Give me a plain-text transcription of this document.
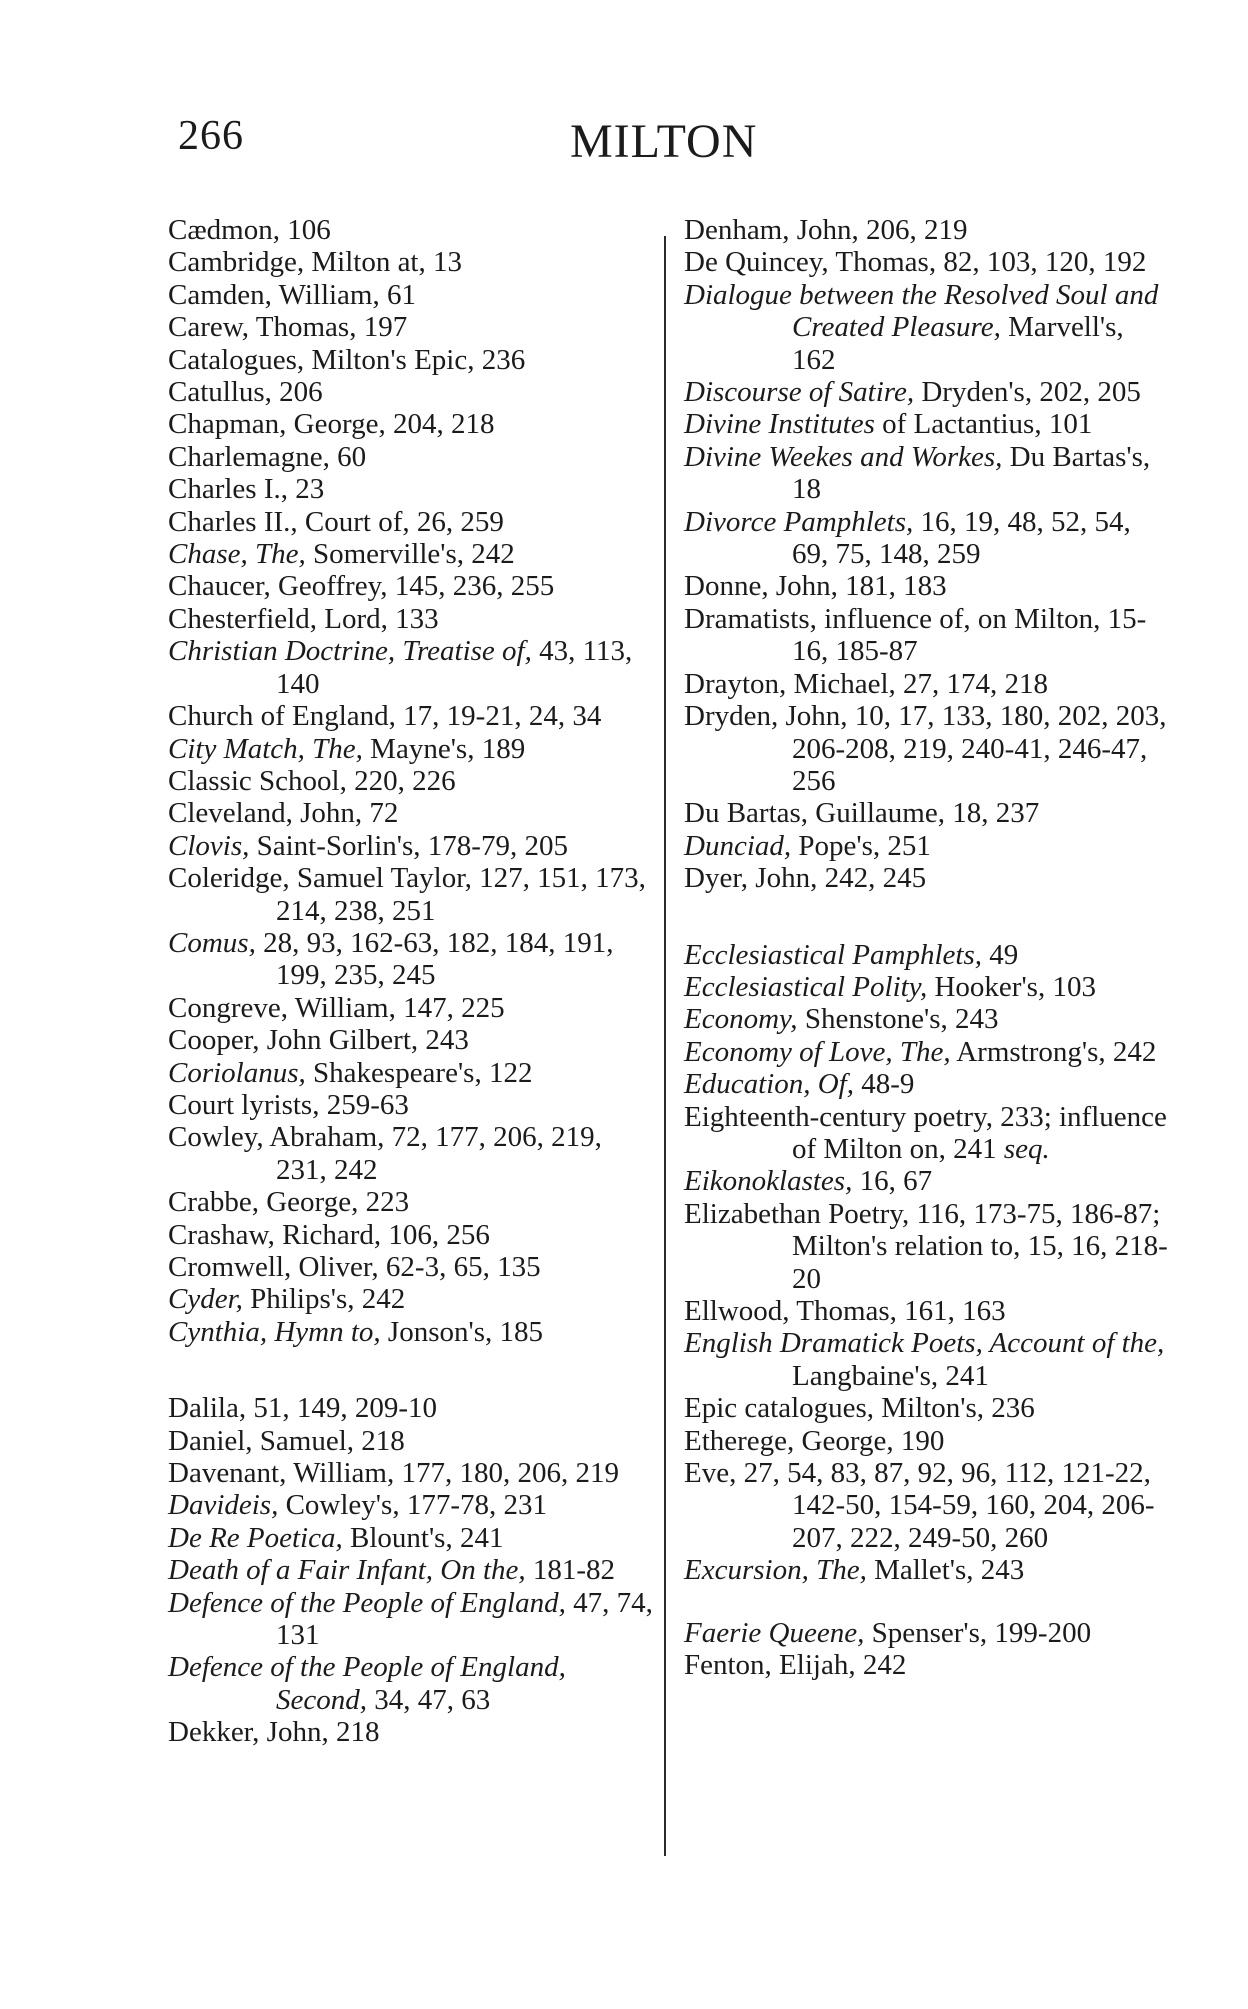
266	MILTON
Cædmon, 106
Cambridge, Milton at, 13
Camden, William, 61
Carew, Thomas, 197
Catalogues, Milton's Epic, 236
Catullus, 206
Chapman, George, 204, 218
Charlemagne, 60
Charles I., 23
Charles II., Court of, 26, 259
Chase, The, Somerville's, 242
Chaucer, Geoffrey, 145, 236, 255
Chesterfield, Lord, 133
Christian Doctrine, Treatise of, 43, 113, 140
Church of England, 17, 19-21, 24, 34
City Match, The, Mayne's, 189
Classic School, 220, 226
Cleveland, John, 72
Clovis, Saint-Sorlin's, 178-79, 205
Coleridge, Samuel Taylor, 127, 151, 173, 214, 238, 251
Comus, 28, 93, 162-63, 182, 184, 191, 199, 235, 245
Congreve, William, 147, 225
Cooper, John Gilbert, 243
Coriolanus, Shakespeare's, 122
Court lyrists, 259-63
Cowley, Abraham, 72, 177, 206, 219, 231, 242
Crabbe, George, 223
Crashaw, Richard, 106, 256
Cromwell, Oliver, 62-3, 65, 135
Cyder, Philips's, 242
Cynthia, Hymn to, Jonson's, 185
Dalila, 51, 149, 209-10
Daniel, Samuel, 218
Davenant, William, 177, 180, 206, 219
Davideis, Cowley's, 177-78, 231
De Re Poetica, Blount's, 241
Death of a Fair Infant, On the, 181-82
Defence of the People of England, 47, 74, 131
Defence of the People of England, Second, 34, 47, 63
Dekker, John, 218
Denham, John, 206, 219
De Quincey, Thomas, 82, 103, 120, 192
Dialogue between the Resolved Soul and Created Pleasure, Marvell's, 162
Discourse of Satire, Dryden's, 202, 205
Divine Institutes of Lactantius, 101
Divine Weekes and Workes, Du Bartas's, 18
Divorce Pamphlets, 16, 19, 48, 52, 54, 69, 75, 148, 259
Donne, John, 181, 183
Dramatists, influence of, on Milton, 15-16, 185-87
Drayton, Michael, 27, 174, 218
Dryden, John, 10, 17, 133, 180, 202, 203, 206-208, 219, 240-41, 246-47, 256
Du Bartas, Guillaume, 18, 237
Dunciad, Pope's, 251
Dyer, John, 242, 245
Ecclesiastical Pamphlets, 49
Ecclesiastical Polity, Hooker's, 103
Economy, Shenstone's, 243
Economy of Love, The, Armstrong's, 242
Education, Of, 48-9
Eighteenth-century poetry, 233; influence of Milton on, 241 seq.
Eikonoklastes, 16, 67
Elizabethan Poetry, 116, 173-75, 186-87; Milton's relation to, 15, 16, 218-20
Ellwood, Thomas, 161, 163
English Dramatick Poets, Account of the, Langbaine's, 241
Epic catalogues, Milton's, 236
Etherege, George, 190
Eve, 27, 54, 83, 87, 92, 96, 112, 121-22, 142-50, 154-59, 160, 204, 206-207, 222, 249-50, 260
Excursion, The, Mallet's, 243
Faerie Queene, Spenser's, 199-200
Fenton, Elijah, 242
